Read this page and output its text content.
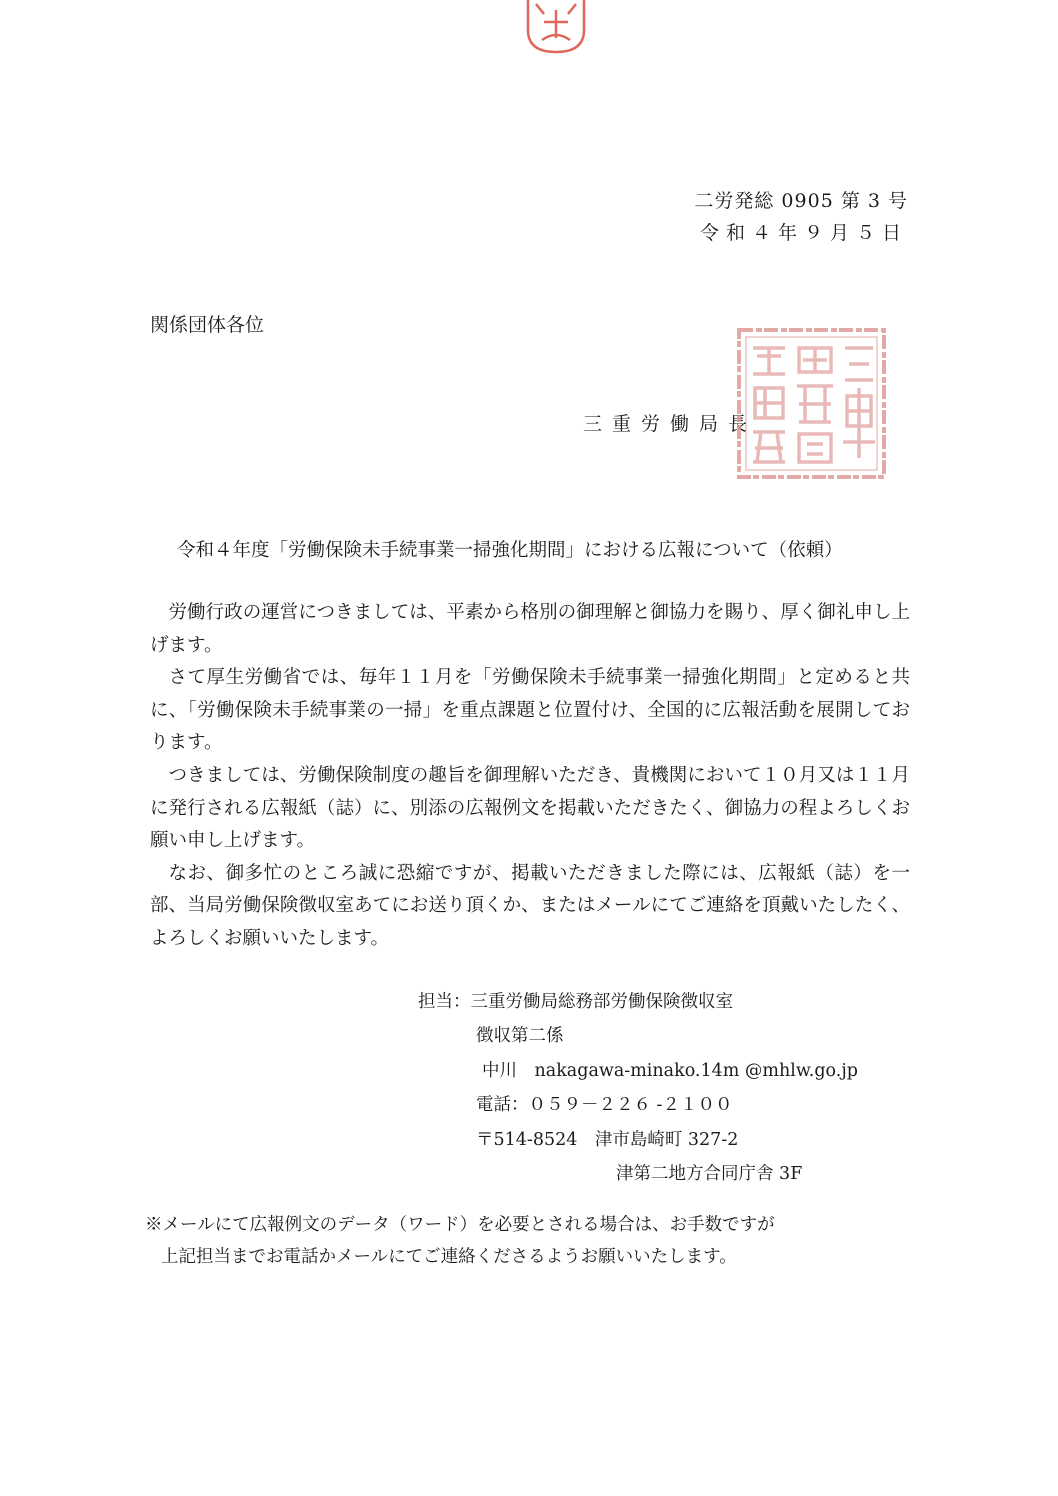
二労発総 0905 第 3 号
令和４年９月５日
関係団体各位
三重労働局長
令和４年度「労働保険未手続事業一掃強化期間」における広報について（依頼）

労働行政の運営につきましては、平素から格別の御理解と御協力を賜り、厚く御礼申し上げます。

さて厚生労働省では、毎年１１月を「労働保険未手続事業一掃強化期間」と定めると共に、「労働保険未手続事業の一掃」を重点課題と位置付け、全国的に広報活動を展開しております。

つきましては、労働保険制度の趣旨を御理解いただき、貴機関において１０月又は１１月に発行される広報紙（誌）に、別添の広報例文を掲載いただきたく、御協力の程よろしくお願い申し上げます。

なお、御多忙のところ誠に恐縮ですが、掲載いただきました際には、広報紙（誌）を一部、当局労働保険徴収室あてにお送り頂くか、またはメールにてご連絡を頂戴いたしたく、よろしくお願いいたします。

担当：三重労働局総務部労働保険徴収室
徴収第二係
中川　nakagawa-minako.14m @mhlw.go.jp
電話：０５９－２２６ -２１００
〒514-8524　津市島崎町 327-2
津第二地方合同庁舎 3F
※メールにて広報例文のデータ（ワード）を必要とされる場合は、お手数ですが
上記担当までお電話かメールにてご連絡くださるようお願いいたします。
